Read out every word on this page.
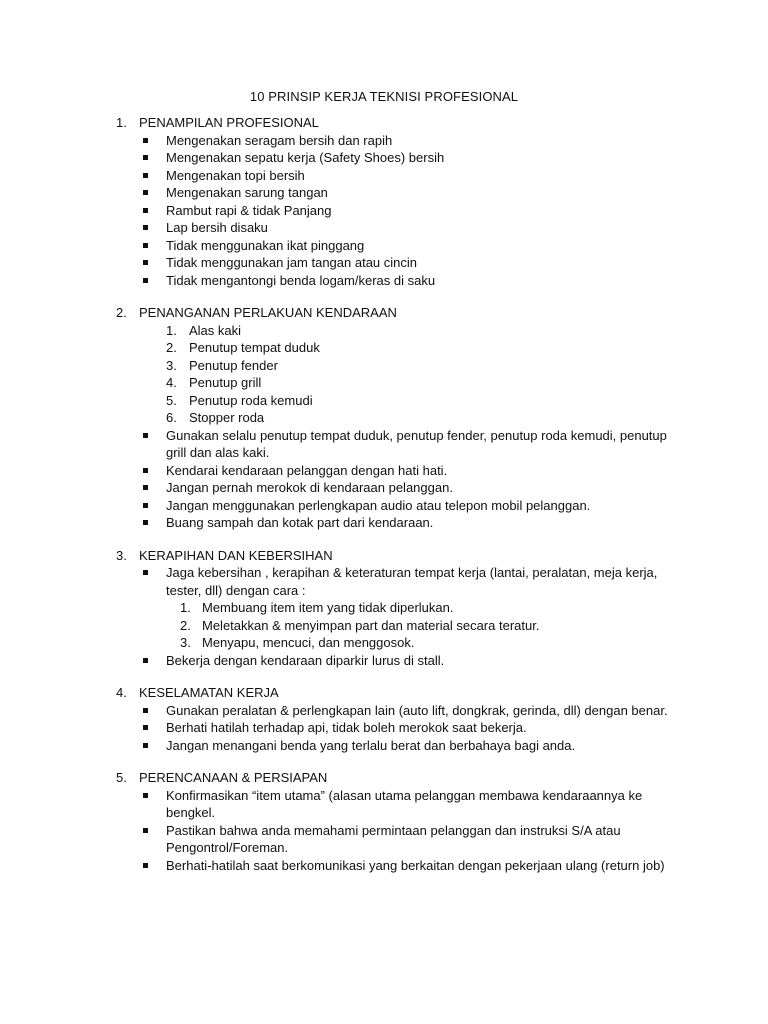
10 PRINSIP KERJA TEKNISI PROFESIONAL
1. PENAMPILAN PROFESIONAL
Mengenakan seragam bersih dan rapih
Mengenakan sepatu kerja (Safety Shoes) bersih
Mengenakan topi bersih
Mengenakan sarung tangan
Rambut rapi & tidak Panjang
Lap bersih disaku
Tidak menggunakan ikat pinggang
Tidak menggunakan jam tangan atau cincin
Tidak mengantongi benda logam/keras di saku
2. PENANGANAN PERLAKUAN KENDARAAN
1. Alas kaki
2. Penutup tempat duduk
3. Penutup fender
4. Penutup grill
5. Penutup roda kemudi
6. Stopper roda
Gunakan selalu penutup tempat duduk, penutup fender, penutup roda kemudi, penutup grill dan alas kaki.
Kendarai kendaraan pelanggan dengan hati hati.
Jangan pernah merokok di kendaraan pelanggan.
Jangan menggunakan perlengkapan audio atau telepon mobil pelanggan.
Buang sampah dan kotak part dari kendaraan.
3. KERAPIHAN DAN KEBERSIHAN
Jaga kebersihan , kerapihan & keteraturan tempat kerja (lantai, peralatan, meja kerja, tester, dll) dengan cara :
1. Membuang item item yang tidak diperlukan.
2. Meletakkan & menyimpan part dan material secara teratur.
3. Menyapu, mencuci, dan menggosok.
Bekerja dengan kendaraan diparkir lurus di stall.
4. KESELAMATAN KERJA
Gunakan peralatan & perlengkapan lain (auto lift, dongkrak, gerinda, dll) dengan benar.
Berhati hatilah terhadap api, tidak boleh merokok saat bekerja.
Jangan menangani benda yang terlalu berat dan berbahaya bagi anda.
5. PERENCANAAN & PERSIAPAN
Konfirmasikan “item utama” (alasan utama pelanggan membawa kendaraannya ke bengkel.
Pastikan bahwa anda memahami permintaan pelanggan dan instruksi S/A atau Pengontrol/Foreman.
Berhati-hatilah saat berkomunikasi yang berkaitan dengan pekerjaan ulang (return job)
